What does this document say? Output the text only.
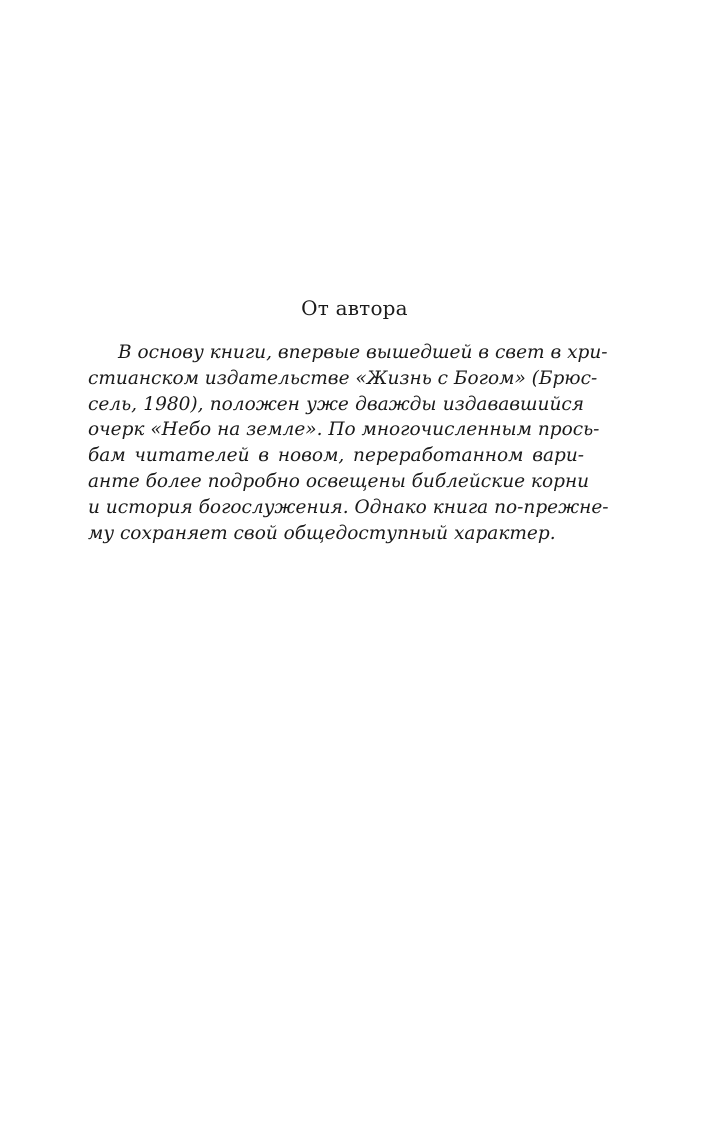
От автора
В основу книги, впервые вышедшей в свет в хри-
стианском издательстве «Жизнь с Богом» (Брюс-
сель, 1980), положен уже дважды издававшийся
очерк «Небо на земле». По многочисленным прось-
бам читателей в новом, переработанном вари-
анте более подробно освещены библейские корни
и история богослужения. Однако книга по-прежне-
му сохраняет свой общедоступный характер.
